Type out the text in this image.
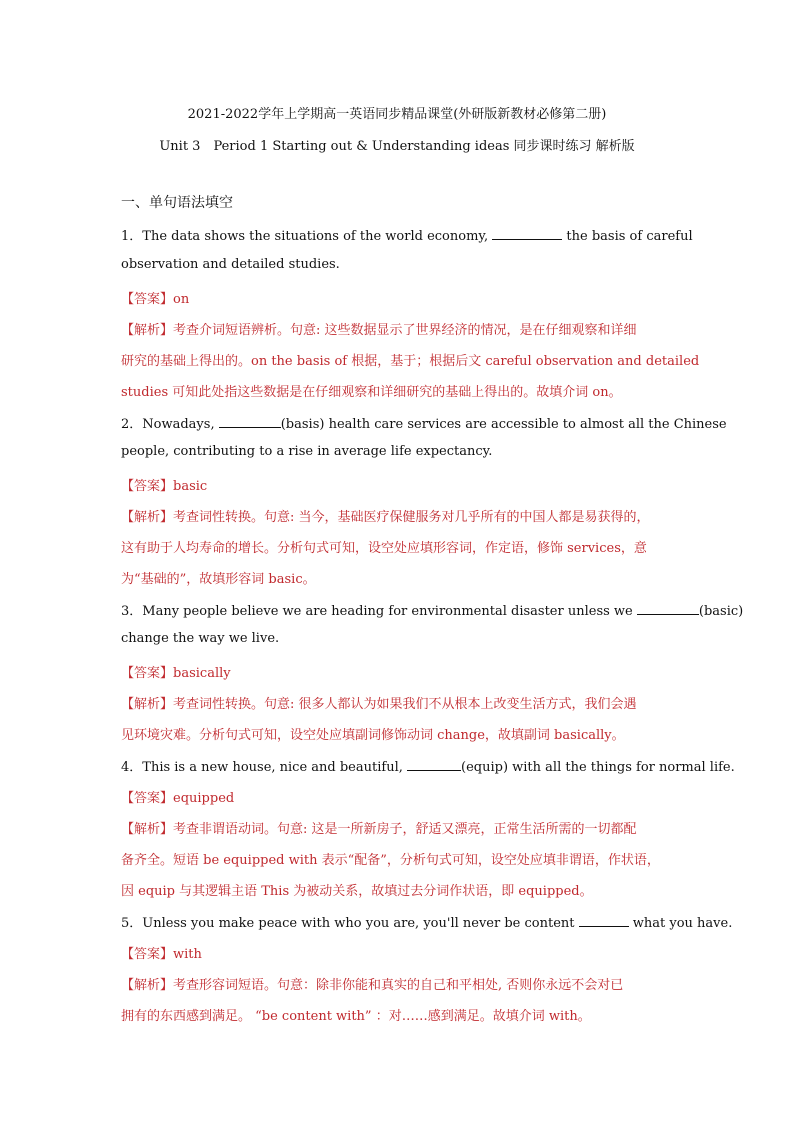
2021-2022学年上学期高一英语同步精品课堂(外研版新教材必修第二册)
Unit 3　Period 1 Starting out & Understanding ideas 同步课时练习 解析版
一、单句语法填空
1．The data shows the situations of the world economy,	the basis of careful
observation and detailed studies.
【答案】on
【解析】考查介词短语辨析。句意: 这些数据显示了世界经济的情况，是在仔细观察和详细
研究的基础上得出的。on the basis of 根据，基于；根据后文 careful observation and detailed
studies 可知此处指这些数据是在仔细观察和详细研究的基础上得出的。故填介词 on。
2．Nowadays,	(basis) health care services are accessible to almost all the Chinese
people, contributing to a rise in average life expectancy.
【答案】basic
【解析】考查词性转换。句意: 当今，基础医疗保健服务对几乎所有的中国人都是易获得的，
这有助于人均寿命的增长。分析句式可知，设空处应填形容词，作定语，修饰 services，意
为“基础的”，故填形容词 basic。
3．Many people believe we are heading for environmental disaster unless we	(basic)
change the way we live.
【答案】basically
【解析】考查词性转换。句意: 很多人都认为如果我们不从根本上改变生活方式，我们会遇
见环境灾难。分析句式可知，设空处应填副词修饰动词 change，故填副词 basically。
4．This is a new house, nice and beautiful,	(equip) with all the things for normal life.
【答案】equipped
【解析】考查非谓语动词。句意: 这是一所新房子，舒适又漂亮，正常生活所需的一切都配
备齐全。短语 be equipped with 表示“配备”，分析句式可知，设空处应填非谓语，作状语，
因 equip 与其逻辑主语 This 为被动关系，故填过去分词作状语，即 equipped。
5．Unless you make peace with who you are, you'll never be content	what you have.
【答案】with
【解析】考查形容词短语。句意：除非你能和真实的自己和平相处, 否则你永远不会对已
拥有的东西感到满足。 “be content with” ：对……感到满足。故填介词 with。
